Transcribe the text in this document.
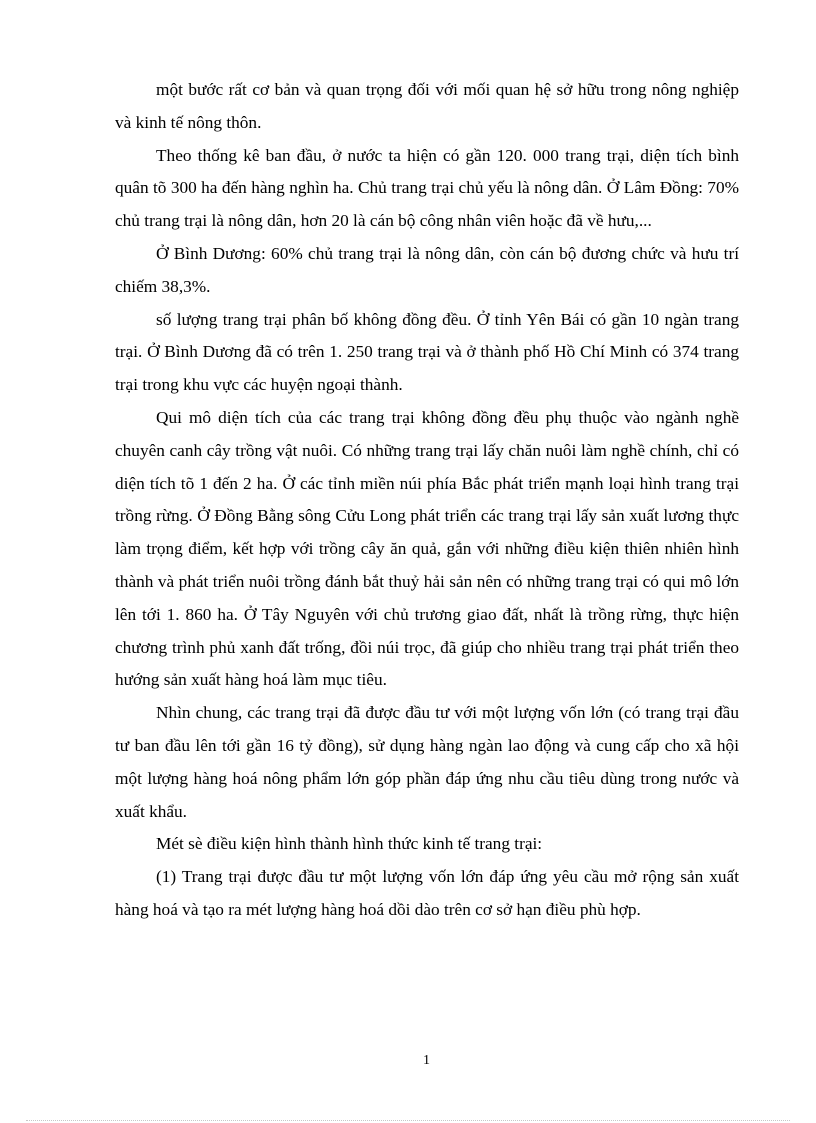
một bước rất cơ bản và quan trọng đối với mối quan hệ sở hữu trong nông nghiệp và kinh tế nông thôn.

Theo thống kê ban đầu, ở nước ta hiện có gần 120. 000 trang trại, diện tích bình quân tõ 300 ha đến hàng nghìn ha. Chủ trang trại chủ yếu là nông dân. Ở Lâm Đồng: 70% chủ trang trại là nông dân, hơn 20 là cán bộ công nhân viên hoặc đã về hưu,...

Ở Bình Dương: 60% chủ trang trại là nông dân, còn cán bộ đương chức và hưu trí chiếm 38,3%.

số lượng trang trại phân bố không đồng đều. Ở tỉnh Yên Bái có gần 10 ngàn trang trại. Ở Bình Dương đã có trên 1. 250 trang trại và ở thành phố Hồ Chí Minh có 374 trang trại trong khu vực các huyện ngoại thành.

Qui mô diện tích của các trang trại không đồng đều phụ thuộc vào ngành nghề chuyên canh cây trồng vật nuôi. Có những trang trại lấy chăn nuôi làm nghề chính, chỉ có diện tích tõ 1 đến 2 ha. Ở các tỉnh miền núi phía Bắc phát triển mạnh loại hình trang trại trồng rừng. Ở Đồng Bằng sông Cửu Long phát triển các trang trại lấy sản xuất lương thực làm trọng điểm, kết hợp với trồng cây ăn quả, gắn với những điều kiện thiên nhiên hình thành và phát triển nuôi trồng đánh bắt thuỷ hải sản nên có những trang trại có qui mô lớn lên tới 1. 860 ha. Ở Tây Nguyên với chủ trương giao đất, nhất là trồng rừng, thực hiện chương trình phủ xanh đất trống, đồi núi trọc, đã giúp cho nhiều trang trại phát triển theo hướng sản xuất hàng hoá làm mục tiêu.

Nhìn chung, các trang trại đã được đầu tư với một lượng vốn lớn (có trang trại đầu tư ban đầu lên tới gần 16 tỷ đồng), sử dụng hàng ngàn lao động và cung cấp cho xã hội một lượng hàng hoá nông phẩm lớn góp phần đáp ứng nhu cầu tiêu dùng trong nước và xuất khẩu.

Mét sè điều kiện hình thành hình thức kinh tế trang trại:

(1) Trang trại được đầu tư một lượng vốn lớn đáp ứng yêu cầu mở rộng sản xuất hàng hoá và tạo ra mét lượng hàng hoá dồi dào trên cơ sở hạn điều phù hợp.

1
